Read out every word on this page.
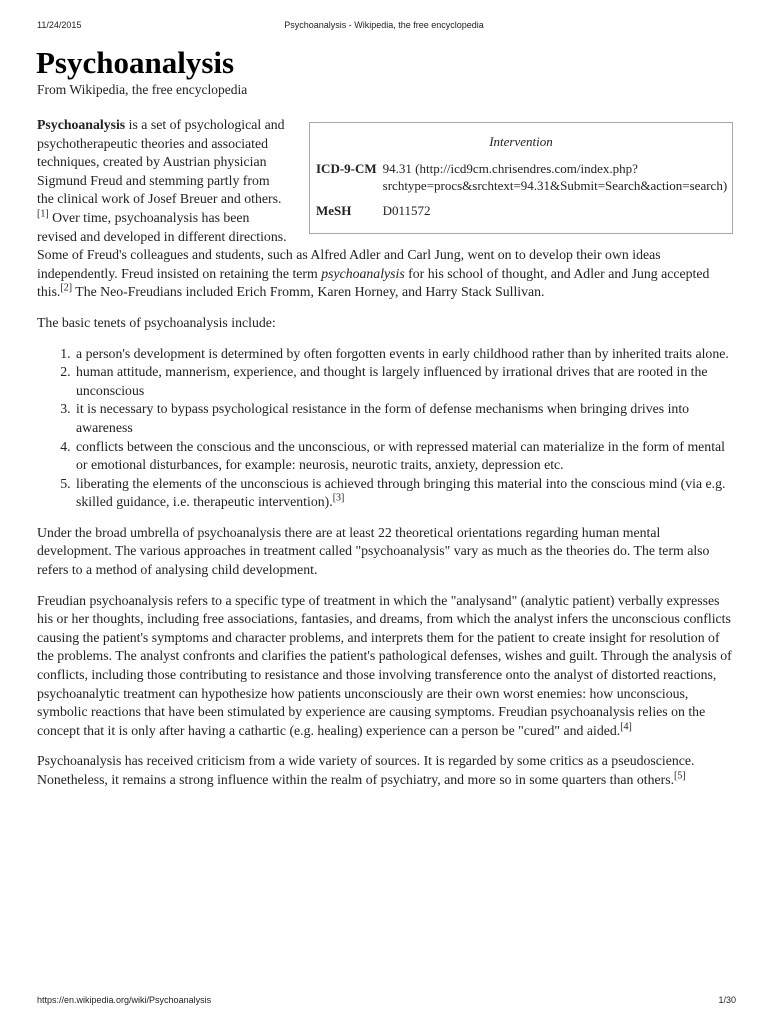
11/24/2015	Psychoanalysis - Wikipedia, the free encyclopedia
Psychoanalysis
From Wikipedia, the free encyclopedia
Intervention
ICD-9-CM	94.31 (http://icd9cm.chrisendres.com/index.php?
srchtype=procs&srchtext=94.31&Submit=Search&action=search)

MeSH	D011572

Psychoanalysis is a set of psychological and psychotherapeutic theories and associated techniques, created by Austrian physician Sigmund Freud and stemming partly from the clinical work of Josef Breuer and others.[1] Over time, psychoanalysis has been revised and developed in different directions. Some of Freud's colleagues and students, such as Alfred Adler and Carl Jung, went on to develop their own ideas independently. Freud insisted on retaining the term psychoanalysis for his school of thought, and Adler and Jung accepted this.[2] The Neo-Freudians included Erich Fromm, Karen Horney, and Harry Stack Sullivan.

The basic tenets of psychoanalysis include:

1. a person's development is determined by often forgotten events in early childhood rather than by inherited traits alone.
2. human attitude, mannerism, experience, and thought is largely influenced by irrational drives that are rooted in the unconscious
3. it is necessary to bypass psychological resistance in the form of defense mechanisms when bringing drives into awareness
4. conflicts between the conscious and the unconscious, or with repressed material can materialize in the form of mental or emotional disturbances, for example: neurosis, neurotic traits, anxiety, depression etc.
5. liberating the elements of the unconscious is achieved through bringing this material into the conscious mind (via e.g. skilled guidance, i.e. therapeutic intervention).[3]

Under the broad umbrella of psychoanalysis there are at least 22 theoretical orientations regarding human mental development. The various approaches in treatment called "psychoanalysis" vary as much as the theories do. The term also refers to a method of analysing child development.

Freudian psychoanalysis refers to a specific type of treatment in which the "analysand" (analytic patient) verbally expresses his or her thoughts, including free associations, fantasies, and dreams, from which the analyst infers the unconscious conflicts causing the patient's symptoms and character problems, and interprets them for the patient to create insight for resolution of the problems. The analyst confronts and clarifies the patient's pathological defenses, wishes and guilt. Through the analysis of conflicts, including those contributing to resistance and those involving transference onto the analyst of distorted reactions, psychoanalytic treatment can hypothesize how patients unconsciously are their own worst enemies: how unconscious, symbolic reactions that have been stimulated by experience are causing symptoms. Freudian psychoanalysis relies on the concept that it is only after having a cathartic (e.g. healing) experience can a person be "cured" and aided.[4]

Psychoanalysis has received criticism from a wide variety of sources. It is regarded by some critics as a pseudoscience. Nonetheless, it remains a strong influence within the realm of psychiatry, and more so in some quarters than others.[5]

https://en.wikipedia.org/wiki/Psychoanalysis	1/30
